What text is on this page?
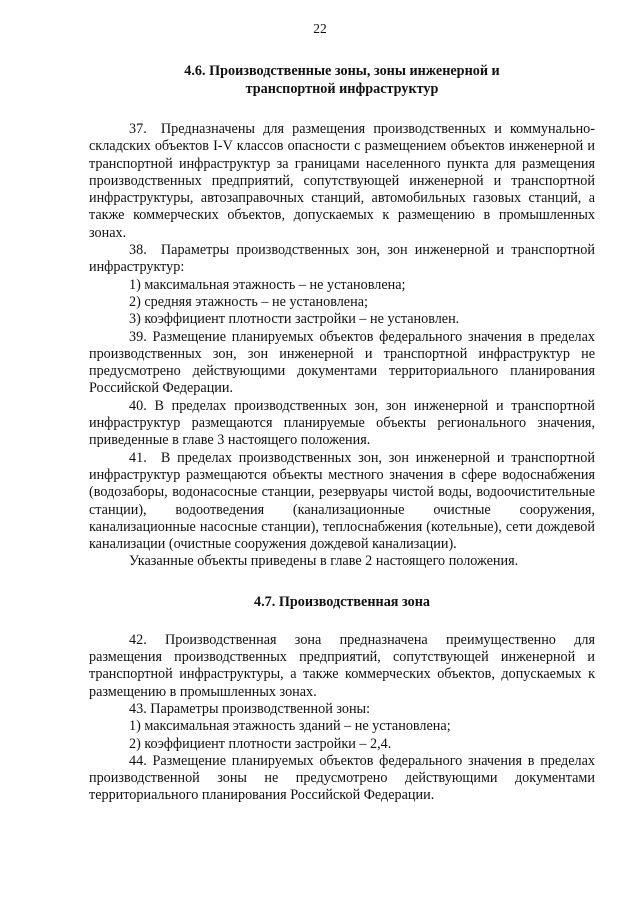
22
4.6. Производственные зоны, зоны инженерной и
транспортной инфраструктур

37. Предназначены для размещения производственных и коммунально-складских объектов I-V классов опасности с размещением объектов инженерной и транспортной инфраструктур за границами населенного пункта для размещения производственных предприятий, сопутствующей инженерной и транспортной инфраструктуры, автозаправочных станций, автомобильных газовых станций, а также коммерческих объектов, допускаемых к размещению в промышленных зонах.

38. Параметры производственных зон, зон инженерной и транспортной инфраструктур:

1) максимальная этажность – не установлена;

2) средняя этажность – не установлена;

3) коэффициент плотности застройки – не установлен.

39. Размещение планируемых объектов федерального значения в пределах производственных зон, зон инженерной и транспортной инфраструктур не предусмотрено действующими документами территориального планирования Российской Федерации.

40. В пределах производственных зон, зон инженерной и транспортной инфраструктур размещаются планируемые объекты регионального значения, приведенные в главе 3 настоящего положения.

41. В пределах производственных зон, зон инженерной и транспортной инфраструктур размещаются объекты местного значения в сфере водоснабжения (водозаборы, водонасосные станции, резервуары чистой воды, водоочистительные станции), водоотведения (канализационные очистные сооружения, канализационные насосные станции), теплоснабжения (котельные), сети дождевой канализации (очистные сооружения дождевой канализации).

Указанные объекты приведены в главе 2 настоящего положения.

4.7. Производственная зона

42. Производственная зона предназначена преимущественно для размещения производственных предприятий, сопутствующей инженерной и транспортной инфраструктуры, а также коммерческих объектов, допускаемых к размещению в промышленных зонах.

43. Параметры производственной зоны:

1) максимальная этажность зданий – не установлена;

2) коэффициент плотности застройки – 2,4.

44. Размещение планируемых объектов федерального значения в пределах производственной зоны не предусмотрено действующими документами территориального планирования Российской Федерации.
